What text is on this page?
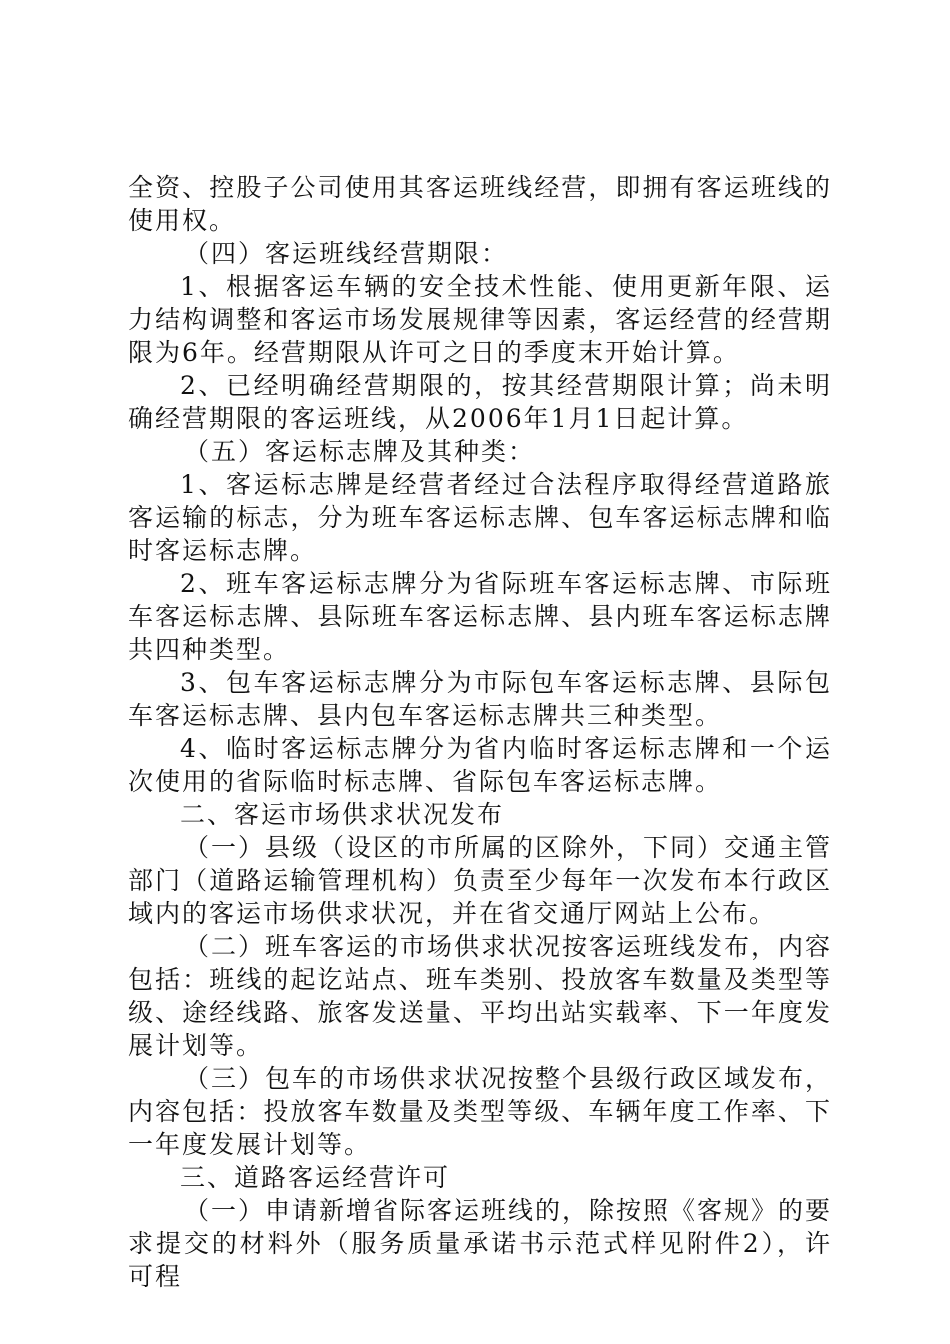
全资、控股子公司使用其客运班线经营，即拥有客运班线的使用权。

（四）客运班线经营期限：

1、根据客运车辆的安全技术性能、使用更新年限、运力结构调整和客运市场发展规律等因素，客运经营的经营期限为6年。经营期限从许可之日的季度末开始计算。

2、已经明确经营期限的，按其经营期限计算；尚未明确经营期限的客运班线，从2006年1月1日起计算。

（五）客运标志牌及其种类：

1、客运标志牌是经营者经过合法程序取得经营道路旅客运输的标志，分为班车客运标志牌、包车客运标志牌和临时客运标志牌。

2、班车客运标志牌分为省际班车客运标志牌、市际班车客运标志牌、县际班车客运标志牌、县内班车客运标志牌共四种类型。

3、包车客运标志牌分为市际包车客运标志牌、县际包车客运标志牌、县内包车客运标志牌共三种类型。

4、临时客运标志牌分为省内临时客运标志牌和一个运次使用的省际临时标志牌、省际包车客运标志牌。

二、客运市场供求状况发布

（一）县级（设区的市所属的区除外，下同）交通主管部门（道路运输管理机构）负责至少每年一次发布本行政区域内的客运市场供求状况，并在省交通厅网站上公布。

（二）班车客运的市场供求状况按客运班线发布，内容包括：班线的起讫站点、班车类别、投放客车数量及类型等级、途经线路、旅客发送量、平均出站实载率、下一年度发展计划等。

（三）包车的市场供求状况按整个县级行政区域发布，内容包括：投放客车数量及类型等级、车辆年度工作率、下一年度发展计划等。

三、道路客运经营许可

（一）申请新增省际客运班线的，除按照《客规》的要求提交的材料外（服务质量承诺书示范式样见附件2），许可程
